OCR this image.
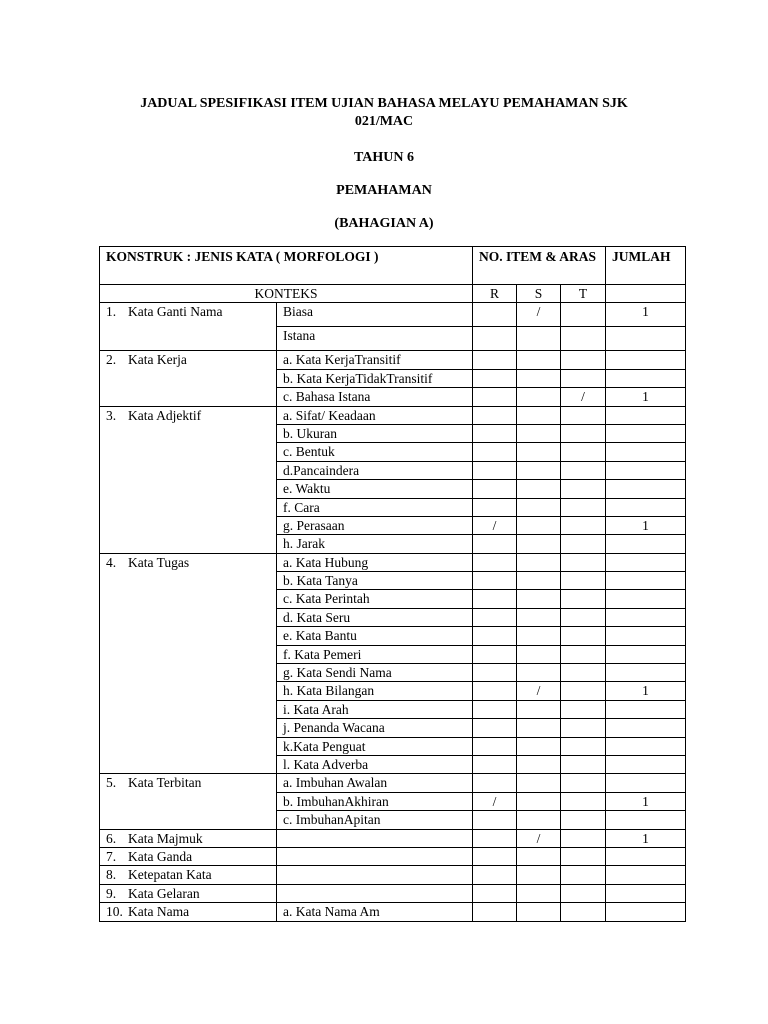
JADUAL SPESIFIKASI ITEM UJIAN BAHASA MELAYU PEMAHAMAN SJK
021/MAC
TAHUN 6
PEMAHAMAN
(BAHAGIAN A)
KONSTRUK : JENIS KATA ( MORFOLOGI )		NO. ITEM & ARAS			JUMLAH
KONTEKS		R	S	T	
1. Kata Ganti Nama	Biasa		/		1
	Istana				
2. Kata Kerja	a. Kata KerjaTransitif				
	b. Kata KerjaTidakTransitif				
	c. Bahasa Istana			/	1
3. Kata Adjektif	a. Sifat/ Keadaan				
	b. Ukuran				
	c. Bentuk				
	d.Pancaindera				
	e. Waktu				
	f. Cara				
	g. Perasaan	/			1
	h. Jarak				
4. Kata Tugas	a. Kata Hubung				
	b. Kata Tanya				
	c. Kata Perintah				
	d. Kata Seru				
	e. Kata Bantu				
	f. Kata Pemeri				
	g. Kata Sendi Nama				
	h. Kata Bilangan		/		1
	i. Kata Arah				
	j. Penanda Wacana				
	k.Kata Penguat				
	l. Kata Adverba				
5. Kata Terbitan	a. Imbuhan Awalan				
	b. ImbuhanAkhiran	/			1
	c. ImbuhanApitan				
6. Kata Majmuk			/		1
7. Kata Ganda					
8. Ketepatan Kata					
9. Kata Gelaran					
10. Kata Nama	a. Kata Nama Am				
